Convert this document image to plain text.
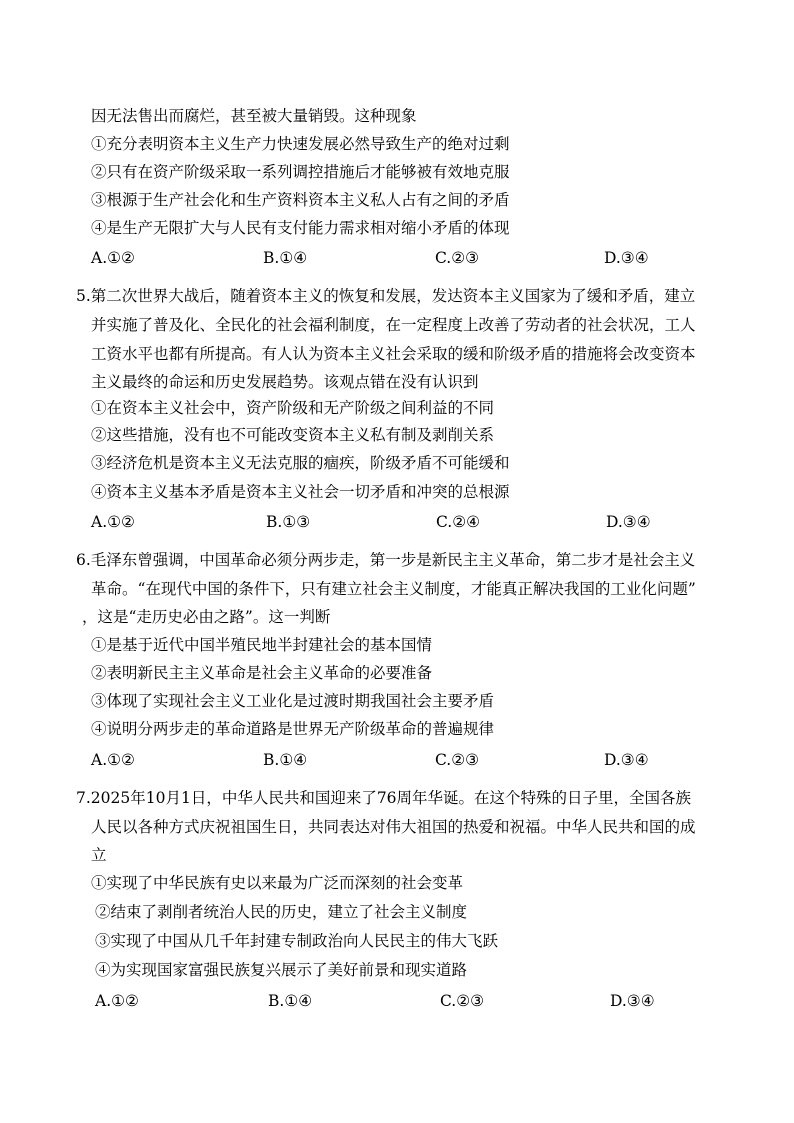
因无法售出而腐烂，甚至被大量销毁。这种现象
①充分表明资本主义生产力快速发展必然导致生产的绝对过剩
②只有在资产阶级采取一系列调控措施后才能够被有效地克服
③根源于生产社会化和生产资料资本主义私人占有之间的矛盾
④是生产无限扩大与人民有支付能力需求相对缩小矛盾的体现
A.①②	B.①④	C.②③	D.③④
5.第二次世界大战后，随着资本主义的恢复和发展，发达资本主义国家为了缓和矛盾，建立
并实施了普及化、全民化的社会福利制度，在一定程度上改善了劳动者的社会状况，工人
工资水平也都有所提高。有人认为资本主义社会采取的缓和阶级矛盾的措施将会改变资本
主义最终的命运和历史发展趋势。该观点错在没有认识到
①在资本主义社会中，资产阶级和无产阶级之间利益的不同
②这些措施，没有也不可能改变资本主义私有制及剥削关系
③经济危机是资本主义无法克服的痼疾，阶级矛盾不可能缓和
④资本主义基本矛盾是资本主义社会一切矛盾和冲突的总根源
A.①②	B.①③	C.②④	D.③④
6.毛泽东曾强调，中国革命必须分两步走，第一步是新民主主义革命，第二步才是社会主义
革命。“在现代中国的条件下，只有建立社会主义制度，才能真正解决我国的工业化问题”
，这是“走历史必由之路”。这一判断
①是基于近代中国半殖民地半封建社会的基本国情
②表明新民主主义革命是社会主义革命的必要准备
③体现了实现社会主义工业化是过渡时期我国社会主要矛盾
④说明分两步走的革命道路是世界无产阶级革命的普遍规律
A.①②	B.①④	C.②③	D.③④
7.2025年10月1日，中华人民共和国迎来了76周年华诞。在这个特殊的日子里，全国各族
人民以各种方式庆祝祖国生日，共同表达对伟大祖国的热爱和祝福。中华人民共和国的成
立
①实现了中华民族有史以来最为广泛而深刻的社会变革
②结束了剥削者统治人民的历史，建立了社会主义制度
③实现了中国从几千年封建专制政治向人民民主的伟大飞跃
④为实现国家富强民族复兴展示了美好前景和现实道路
A.①②	B.①④	C.②③	D.③④
